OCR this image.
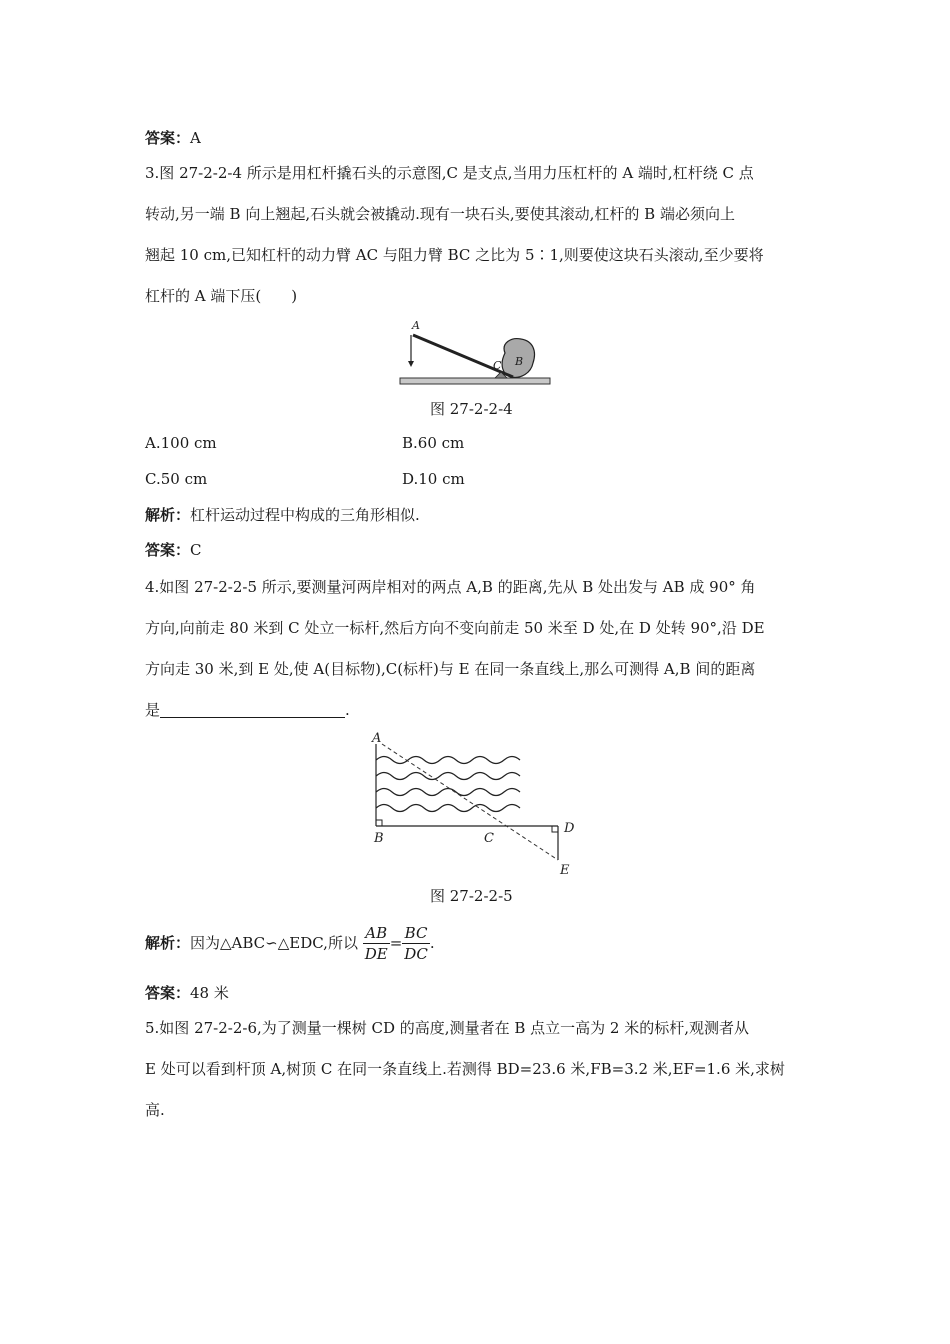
答案：A
3.图 27-2-2-4 所示是用杠杆撬石头的示意图,C 是支点,当用力压杠杆的 A 端时,杠杆绕 C 点
转动,另一端 B 向上翘起,石头就会被撬动.现有一块石头,要使其滚动,杠杆的 B 端必须向上
翘起 10 cm,已知杠杆的动力臂 AC 与阻力臂 BC 之比为 5∶1,则要使这块石头滚动,至少要将
杠杆的 A 端下压(　　)
A
C B
图 27-2-2-4
A.100 cm	B.60 cm
C.50 cm	D.10 cm
解析：杠杆运动过程中构成的三角形相似.
答案：C
4.如图 27-2-2-5 所示,要测量河两岸相对的两点 A,B 的距离,先从 B 处出发与 AB 成 90° 角
方向,向前走 80 米到 C 处立一标杆,然后方向不变向前走 50 米至 D 处,在 D 处转 90°,沿 DE
方向走 30 米,到 E 处,使 A(目标物),C(标杆)与 E 在同一条直线上,那么可测得 A,B 间的距离
是	.
A
B	C
D
E
图 27-2-2-5
解析：因为△ABC∽△EDC,所以 $\frac{AB}{DE} = \frac{BC}{DC}$ .
答案：48 米
5.如图 27-2-2-6,为了测量一棵树 CD 的高度,测量者在 B 点立一高为 2 米的标杆,观测者从
E 处可以看到杆顶 A,树顶 C 在同一条直线上.若测得 BD=23.6 米,FB=3.2 米,EF=1.6 米,求树
高.
